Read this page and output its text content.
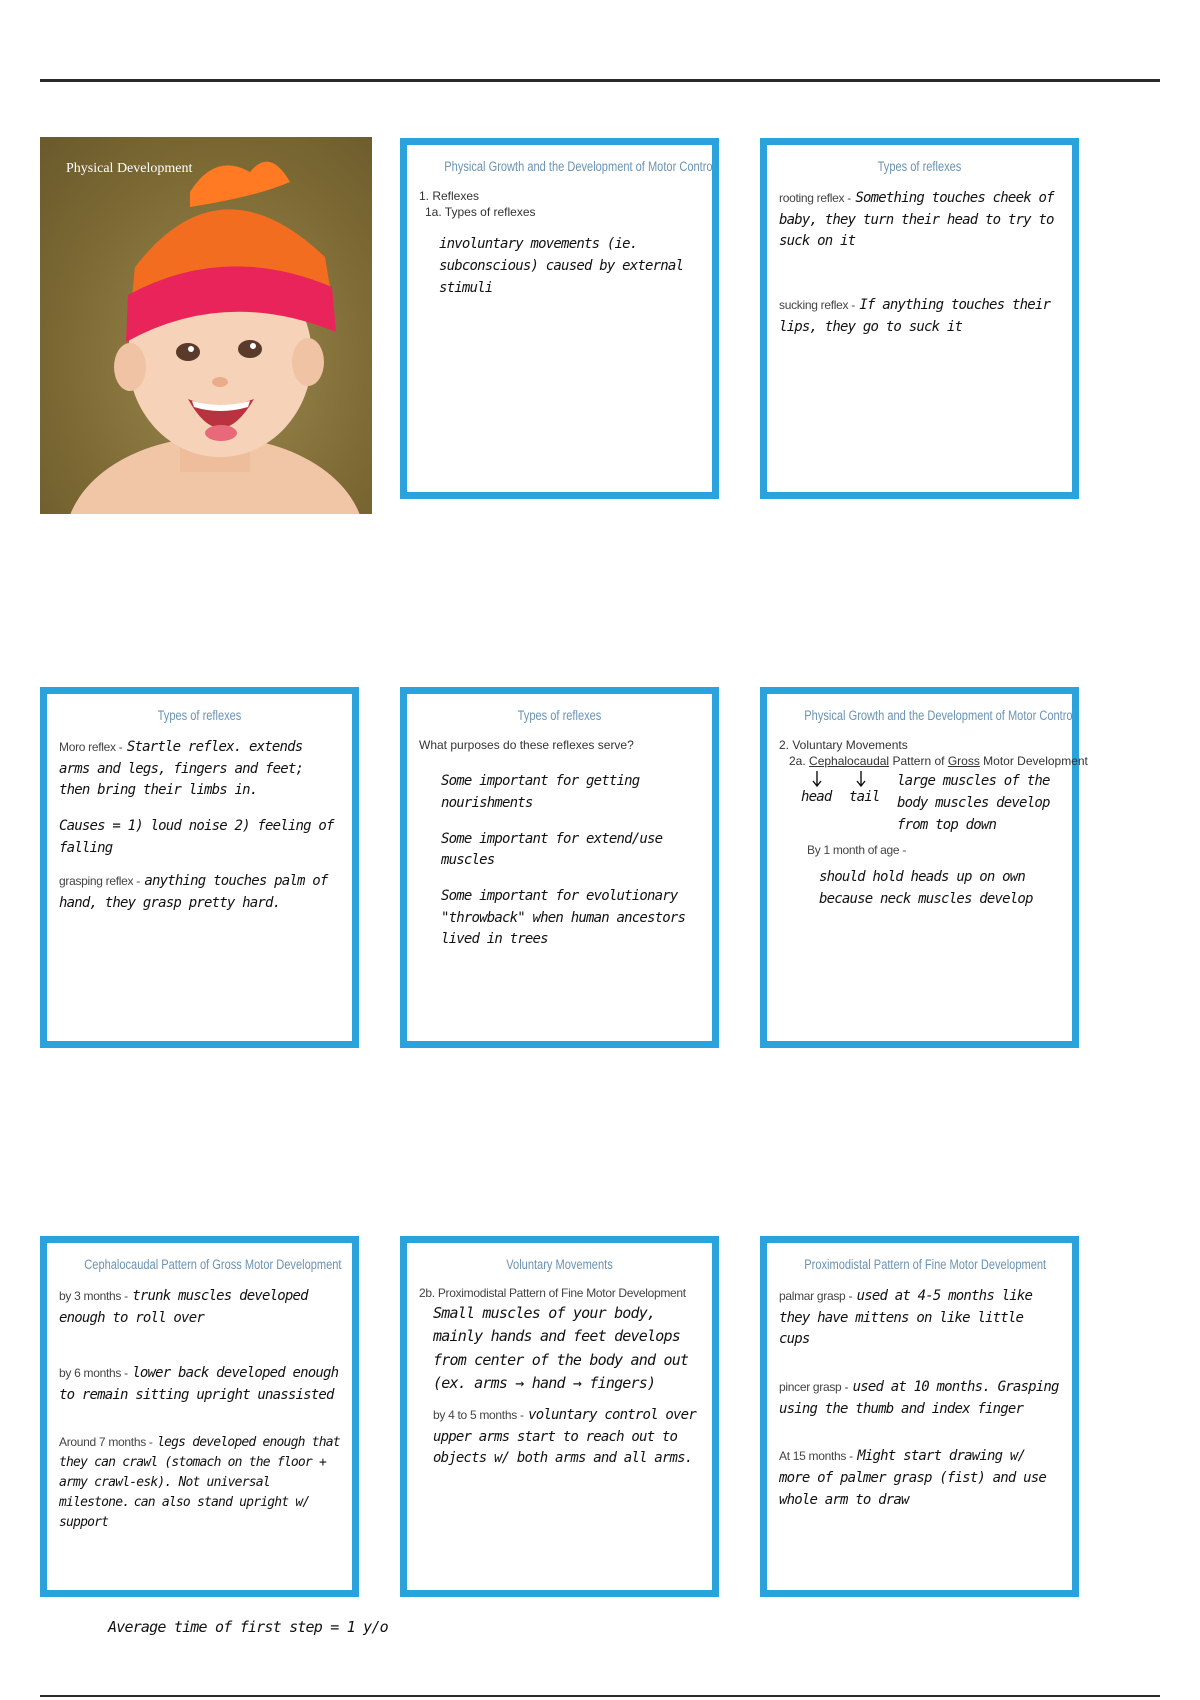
Physical Development	Physical Growth and the Development of Motor Control
1. Reflexes
1a. Types of reflexes
involuntary movements (ie. subconscious) caused by external stimuli
Types of reflexes
rooting reflex - Something touches cheek of baby, they turn their head to try to suck on it
sucking reflex - If anything touches their lips, they go to suck it
Types of reflexes
Moro reflex - Startle reflex. extends arms and legs, fingers and feet; then bring their limbs in.
Causes = 1) loud noise 2) feeling of falling
grasping reflex - anything touches palm of hand, they grasp pretty hard.
Types of reflexes
What purposes do these reflexes serve?
Some important for getting nourishments
Some important for extend/use muscles
Some important for evolutionary "throwback" when human ancestors lived in trees
Physical Growth and the Development of Motor Control
2. Voluntary Movements
2a. Cephalocaudal Pattern of Gross Motor Development
head tail
large muscles of the body muscles develop from top down
By 1 month of age -
should hold heads up on own because neck muscles develop
Cephalocaudal Pattern of Gross Motor Development
by 3 months - trunk muscles developed enough to roll over
by 6 months - lower back developed enough to remain sitting upright unassisted
Around 7 months - legs developed enough that they can crawl (stomach on the floor + army crawl-esk). Not universal milestone. can also stand upright w/ support
Voluntary Movements
2b. Proximodistal Pattern of Fine Motor Development
Small muscles of your body, mainly hands and feet develops from center of the body and out (ex. arms → hand → fingers)
by 4 to 5 months - voluntary control over upper arms start to reach out to objects w/ both arms and all arms.
Proximodistal Pattern of Fine Motor Development
palmar grasp - used at 4-5 months like they have mittens on like little cups
pincer grasp - used at 10 months. Grasping using the thumb and index finger
At 15 months - Might start drawing w/ more of palmer grasp (fist) and use whole arm to draw
Average time of first step = 1 y/o
